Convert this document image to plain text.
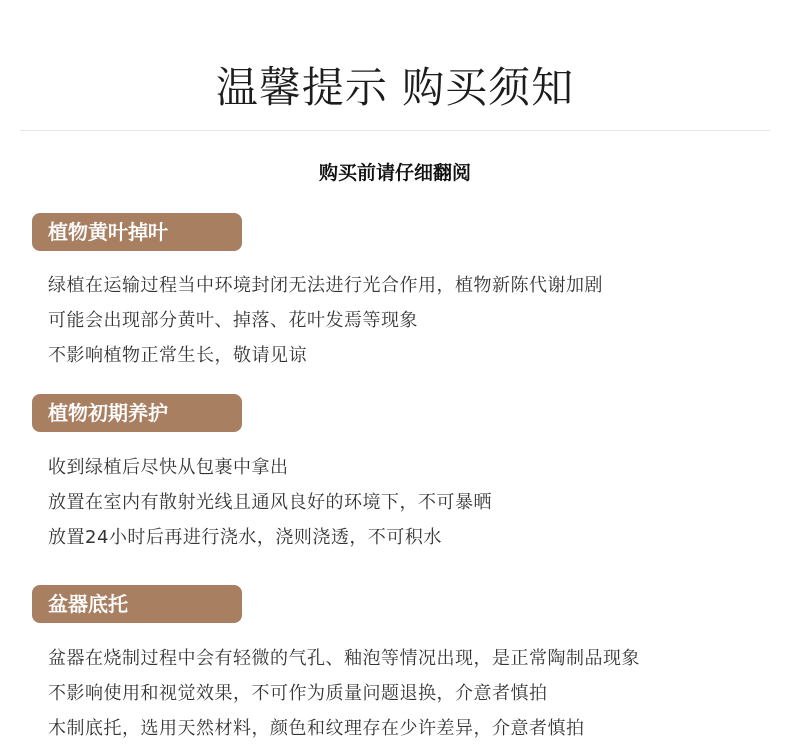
温馨提示 购买须知
购买前请仔细翻阅
植物黄叶掉叶
绿植在运输过程当中环境封闭无法进行光合作用，植物新陈代谢加剧
可能会出现部分黄叶、掉落、花叶发焉等现象
不影响植物正常生长，敬请见谅
植物初期养护
收到绿植后尽快从包裹中拿出
放置在室内有散射光线且通风良好的环境下，不可暴晒
放置24小时后再进行浇水，浇则浇透，不可积水
盆器底托
盆器在烧制过程中会有轻微的气孔、釉泡等情况出现，是正常陶制品现象
不影响使用和视觉效果，不可作为质量问题退换，介意者慎拍
木制底托，选用天然材料，颜色和纹理存在少许差异，介意者慎拍
